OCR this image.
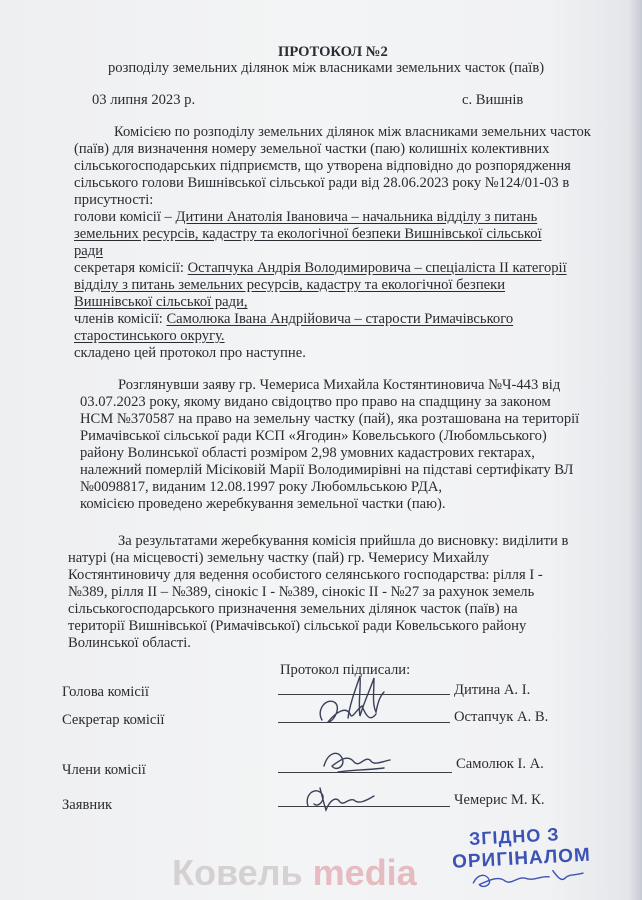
ПРОТОКОЛ №2
розподілу земельних ділянок між власниками земельних часток (паїв)
03 липня 2023 р.	с. Вишнів
Комісією по розподілу земельних ділянок між власниками земельних часток
(паїв) для визначення номеру земельної частки (паю) колишніх колективних
сільськогосподарських підприємств, що утворена відповідно до розпорядження
сільського голови Вишнівської сільської ради від 28.06.2023 року №124/01-03 в
присутності:
голови комісії – Дитини Анатолія Івановича – начальника відділу з питань
земельних ресурсів, кадастру та екологічної безпеки Вишнівської сільської
ради
секретаря комісії: Остапчука Андрія Володимировича – спеціаліста ІІ категорії
відділу з питань земельних ресурсів, кадастру та екологічної безпеки
Вишнівської сільської ради,
членів комісії: Самолюка Івана Андрійовича – старости Римачівського
старостинського округу.
складено цей протокол про наступне.
Розглянувши заяву гр. Чемериса Михайла Костянтиновича №Ч-443 від
03.07.2023 року, якому видано свідоцтво про право на спадщину за законом
НСМ №370587 на право на земельну частку (пай), яка розташована на території
Римачівської сільської ради КСП «Ягодин» Ковельського (Любомльського)
району Волинської області розміром 2,98 умовних кадастрових гектарах,
належний померлій Місіковій Марії Володимирівні на підставі сертифікату ВЛ
№0098817, виданим 12.08.1997 року Любомльською РДА,
комісією проведено жеребкування земельної частки (паю).
За результатами жеребкування комісія прийшла до висновку: виділити в
натурі (на місцевості) земельну частку (пай) гр. Чемерису Михайлу
Костянтиновичу для ведення особистого селянського господарства: рілля І -
№389, рілля ІІ – №389, сінокіс І - №389, сінокіс ІІ - №27 за рахунок земель
сільськогосподарського призначення земельних ділянок часток (паїв) на
території Вишнівської (Римачівської) сільської ради Ковельського району
Волинської області.
Протокол підписали:
Голова комісії	Дитина А. І.
Секретар комісії	Остапчук А. В.
Члени комісії	Самолюк І. А.
Заявник	Чемерис М. К.
ЗГІДНО З
ОРИГІНАЛОМ
Ковель media
